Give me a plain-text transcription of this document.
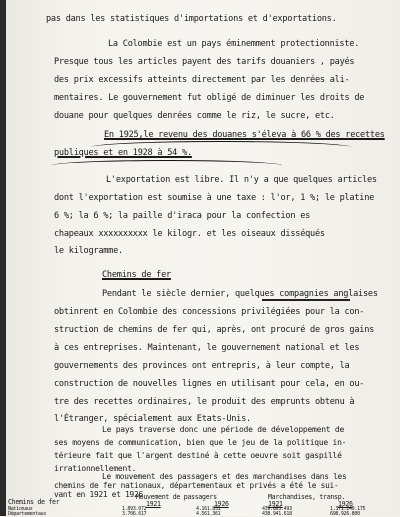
pas dans les statistiques d'importations et d'exportations.
La Colombie est un pays éminemment protectionniste.
Presque tous les articles payent des tarifs douaniers , payés
des prix excessifs atteints directement par les denrées ali-
mentaires. Le gouvernement fut obligé de diminuer les droits de
douane pour quelques denrées comme le riz, le sucre, etc.
En 1925,le revenu des douanes s'éleva à 66 % des recettes
publiques et en 1928 à 54 %.
L'exportation est libre. Il n'y a que quelques articles
dont l'exportation est soumise à une taxe : l'or, 1 %; le platine
6 %; la 6 %; la paille d'iraca pour la confection es
chapeaux xxxxxxxxxx le kilogr. et les oiseaux disséqués
le kilogramme.
Chemins de fer
Pendant le siècle dernier, quelques compagnies anglaises
obtinrent en Colombie des concessions privilégiées pour la con-
struction de chemins de fer qui, après, ont procuré de gros gains
à ces entreprises. Maintenant, le gouvernement national et les
gouvernements des provinces ont entrepris, à leur compte, la
construction de nouvelles lignes en utilisant pour cela, en ou-
tre des recettes ordinaires, le produit des emprunts obtenu à
l'Étranger, spécialement aux Etats-Unis.
Le pays traverse donc une période de développement de
ses moyens de communication, bien que le jeu de la politique in-
térieure fait que l'argent destiné à cette oeuvre soit gaspillé
irrationnellement.
Le mouvement des passagers et des marchandises dans les
chemins de fer nationaux, départementaux et privés a été le sui-
vant en 1921 et 1926
Chemins de fer
Mouvement de passagers	Marchandises, transp.
1921	1926	1921	1926
Nationaux	1.893.072	4.161.831	439.803.493	1.371.249.175
Départementaux	3.706.617	4.561.361	438.941.618	698.926.800
